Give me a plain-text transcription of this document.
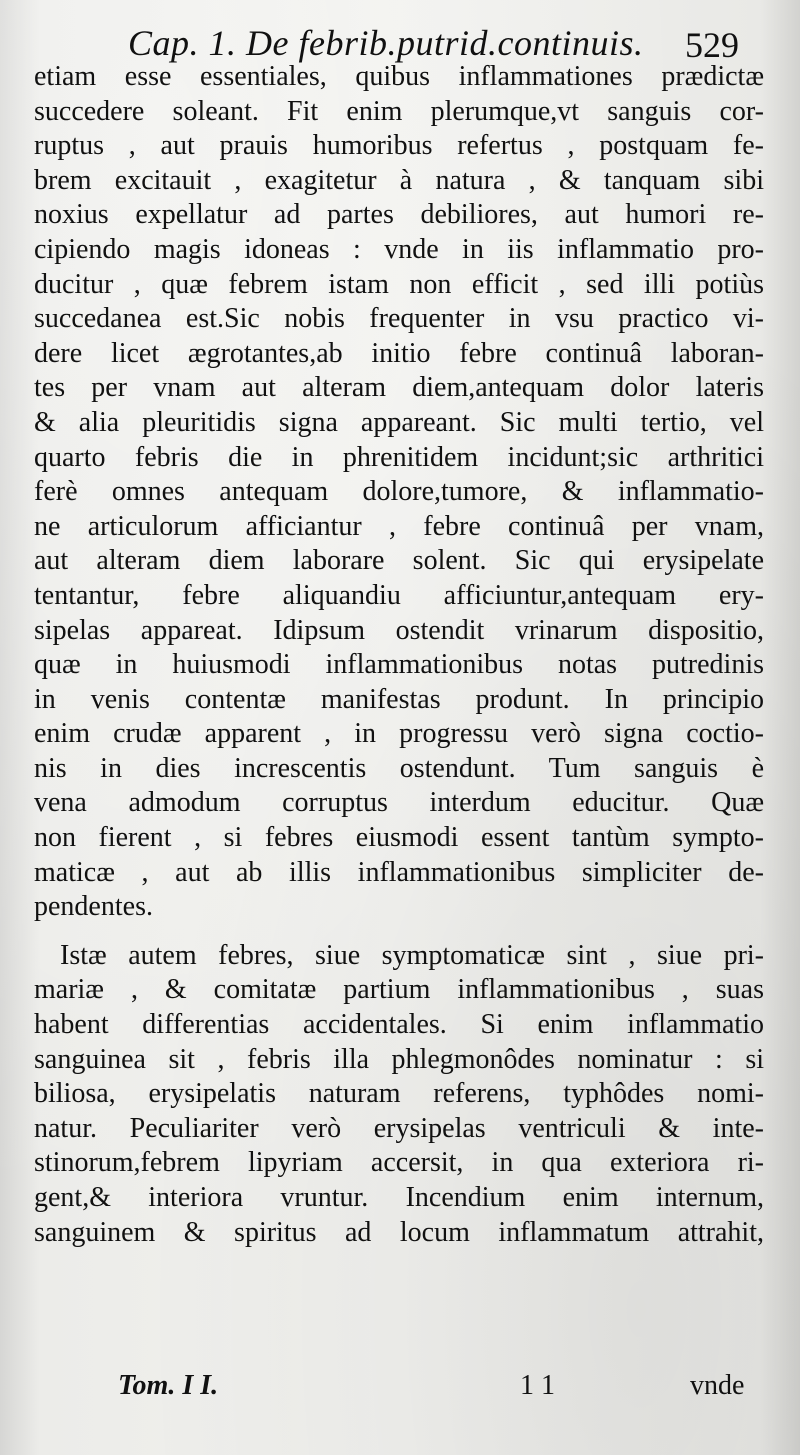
Cap. 1. De febrib.putrid.continuis. 529
etiam esse essentiales, quibus inflammationes prædictæ
succedere soleant. Fit enim plerumque,vt sanguis cor-
ruptus , aut prauis humoribus refertus , postquam fe-
brem excitauit , exagitetur à natura , & tanquam sibi
noxius expellatur ad partes debiliores, aut humori re-
cipiendo magis idoneas : vnde in iis inflammatio pro-
ducitur , quæ febrem istam non efficit , sed illi potiùs
succedanea est.Sic nobis frequenter in vsu practico vi-
dere licet ægrotantes,ab initio febre continuâ laboran-
tes per vnam aut alteram diem,antequam dolor lateris
& alia pleuritidis signa appareant. Sic multi tertio, vel
quarto febris die in phrenitidem incidunt;sic arthritici
ferè omnes antequam dolore,tumore, & inflammatio-
ne articulorum afficiantur , febre continuâ per vnam,
aut alteram diem laborare solent. Sic qui erysipelate
tentantur, febre aliquandiu afficiuntur,antequam ery-
sipelas appareat. Idipsum ostendit vrinarum dispositio,
quæ in huiusmodi inflammationibus notas putredinis
in venis contentæ manifestas produnt. In principio
enim crudæ apparent , in progressu verò signa coctio-
nis in dies increscentis ostendunt. Tum sanguis è
vena admodum corruptus interdum educitur. Quæ
non fierent , si febres eiusmodi essent tantùm sympto-
maticæ , aut ab illis inflammationibus simpliciter de-
pendentes.
Istæ autem febres, siue symptomaticæ sint , siue pri-
mariæ , & comitatæ partium inflammationibus , suas
habent differentias accidentales. Si enim inflammatio
sanguinea sit , febris illa phlegmonôdes nominatur : si
biliosa, erysipelatis naturam referens, typhôdes nomi-
natur. Peculiariter verò erysipelas ventriculi & inte-
stinorum,febrem lipyriam accersit, in qua exteriora ri-
gent,& interiora vruntur. Incendium enim internum,
sanguinem & spiritus ad locum inflammatum attrahit,
Tom. I I.	1 1	vnde
